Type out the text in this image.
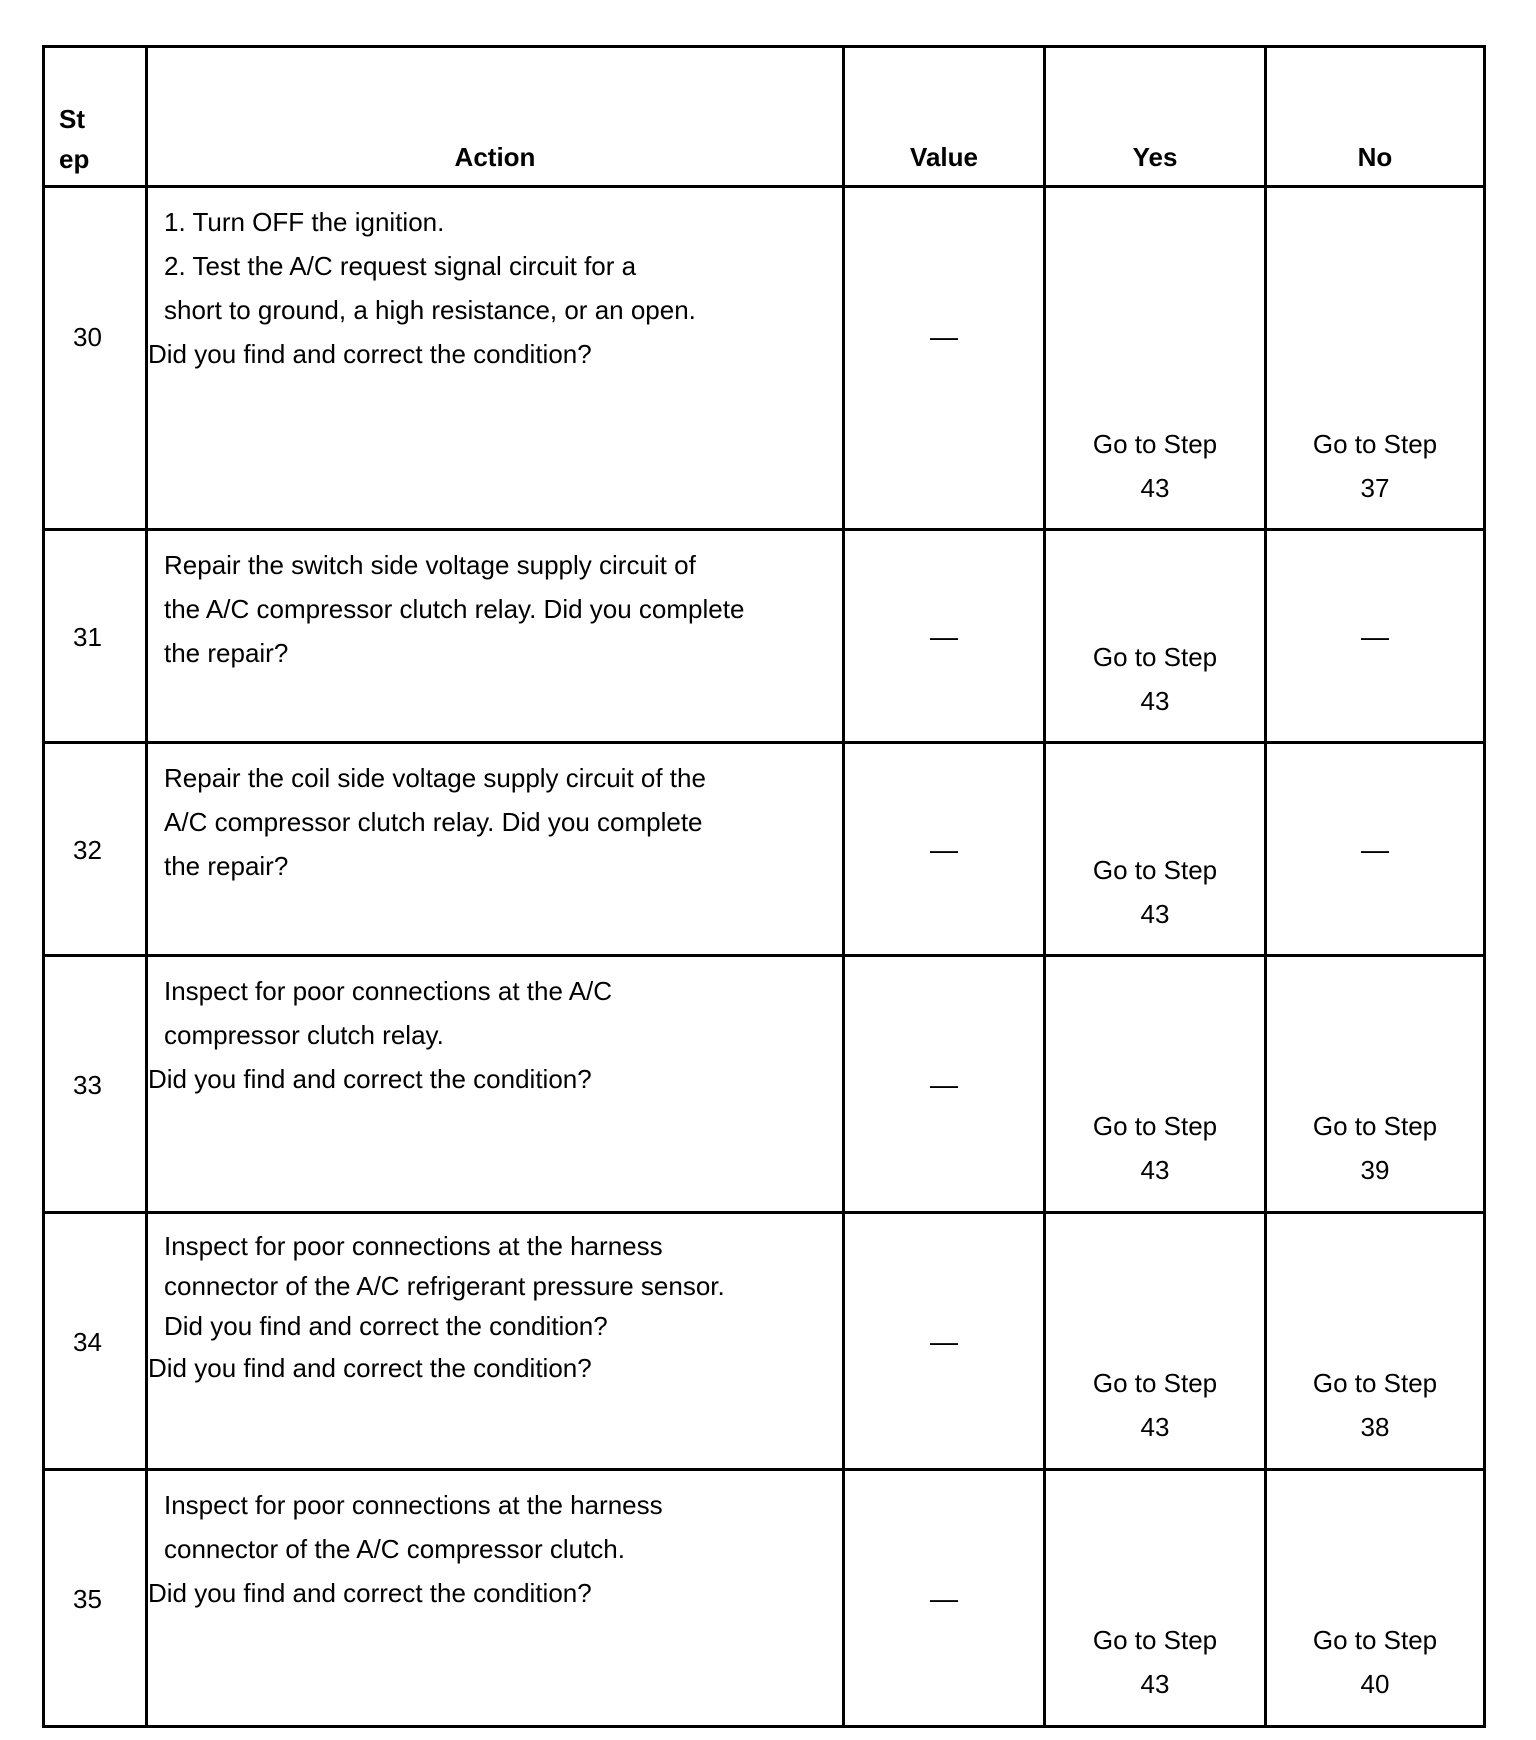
St
ep	Action	Value	Yes	No

30	1. Turn OFF the ignition.
2. Test the A/C request signal circuit for a
short to ground, a high resistance, or an open.
Did you find and correct the condition?	—	Go to Step
43	Go to Step
37

31	Repair the switch side voltage supply circuit of
the A/C compressor clutch relay. Did you complete
the repair?	—	Go to Step
43	—

32	Repair the coil side voltage supply circuit of the
A/C compressor clutch relay. Did you complete
the repair?	—	Go to Step
43	—

33	Inspect for poor connections at the A/C
compressor clutch relay.
Did you find and correct the condition?	—	Go to Step
43	Go to Step
39

34	Inspect for poor connections at the harness
connector of the A/C refrigerant pressure sensor.
Did you find and correct the condition?
Did you find and correct the condition?	—	Go to Step
43	Go to Step
38

35	Inspect for poor connections at the harness
connector of the A/C compressor clutch.
Did you find and correct the condition?	—	Go to Step
43	Go to Step
40
